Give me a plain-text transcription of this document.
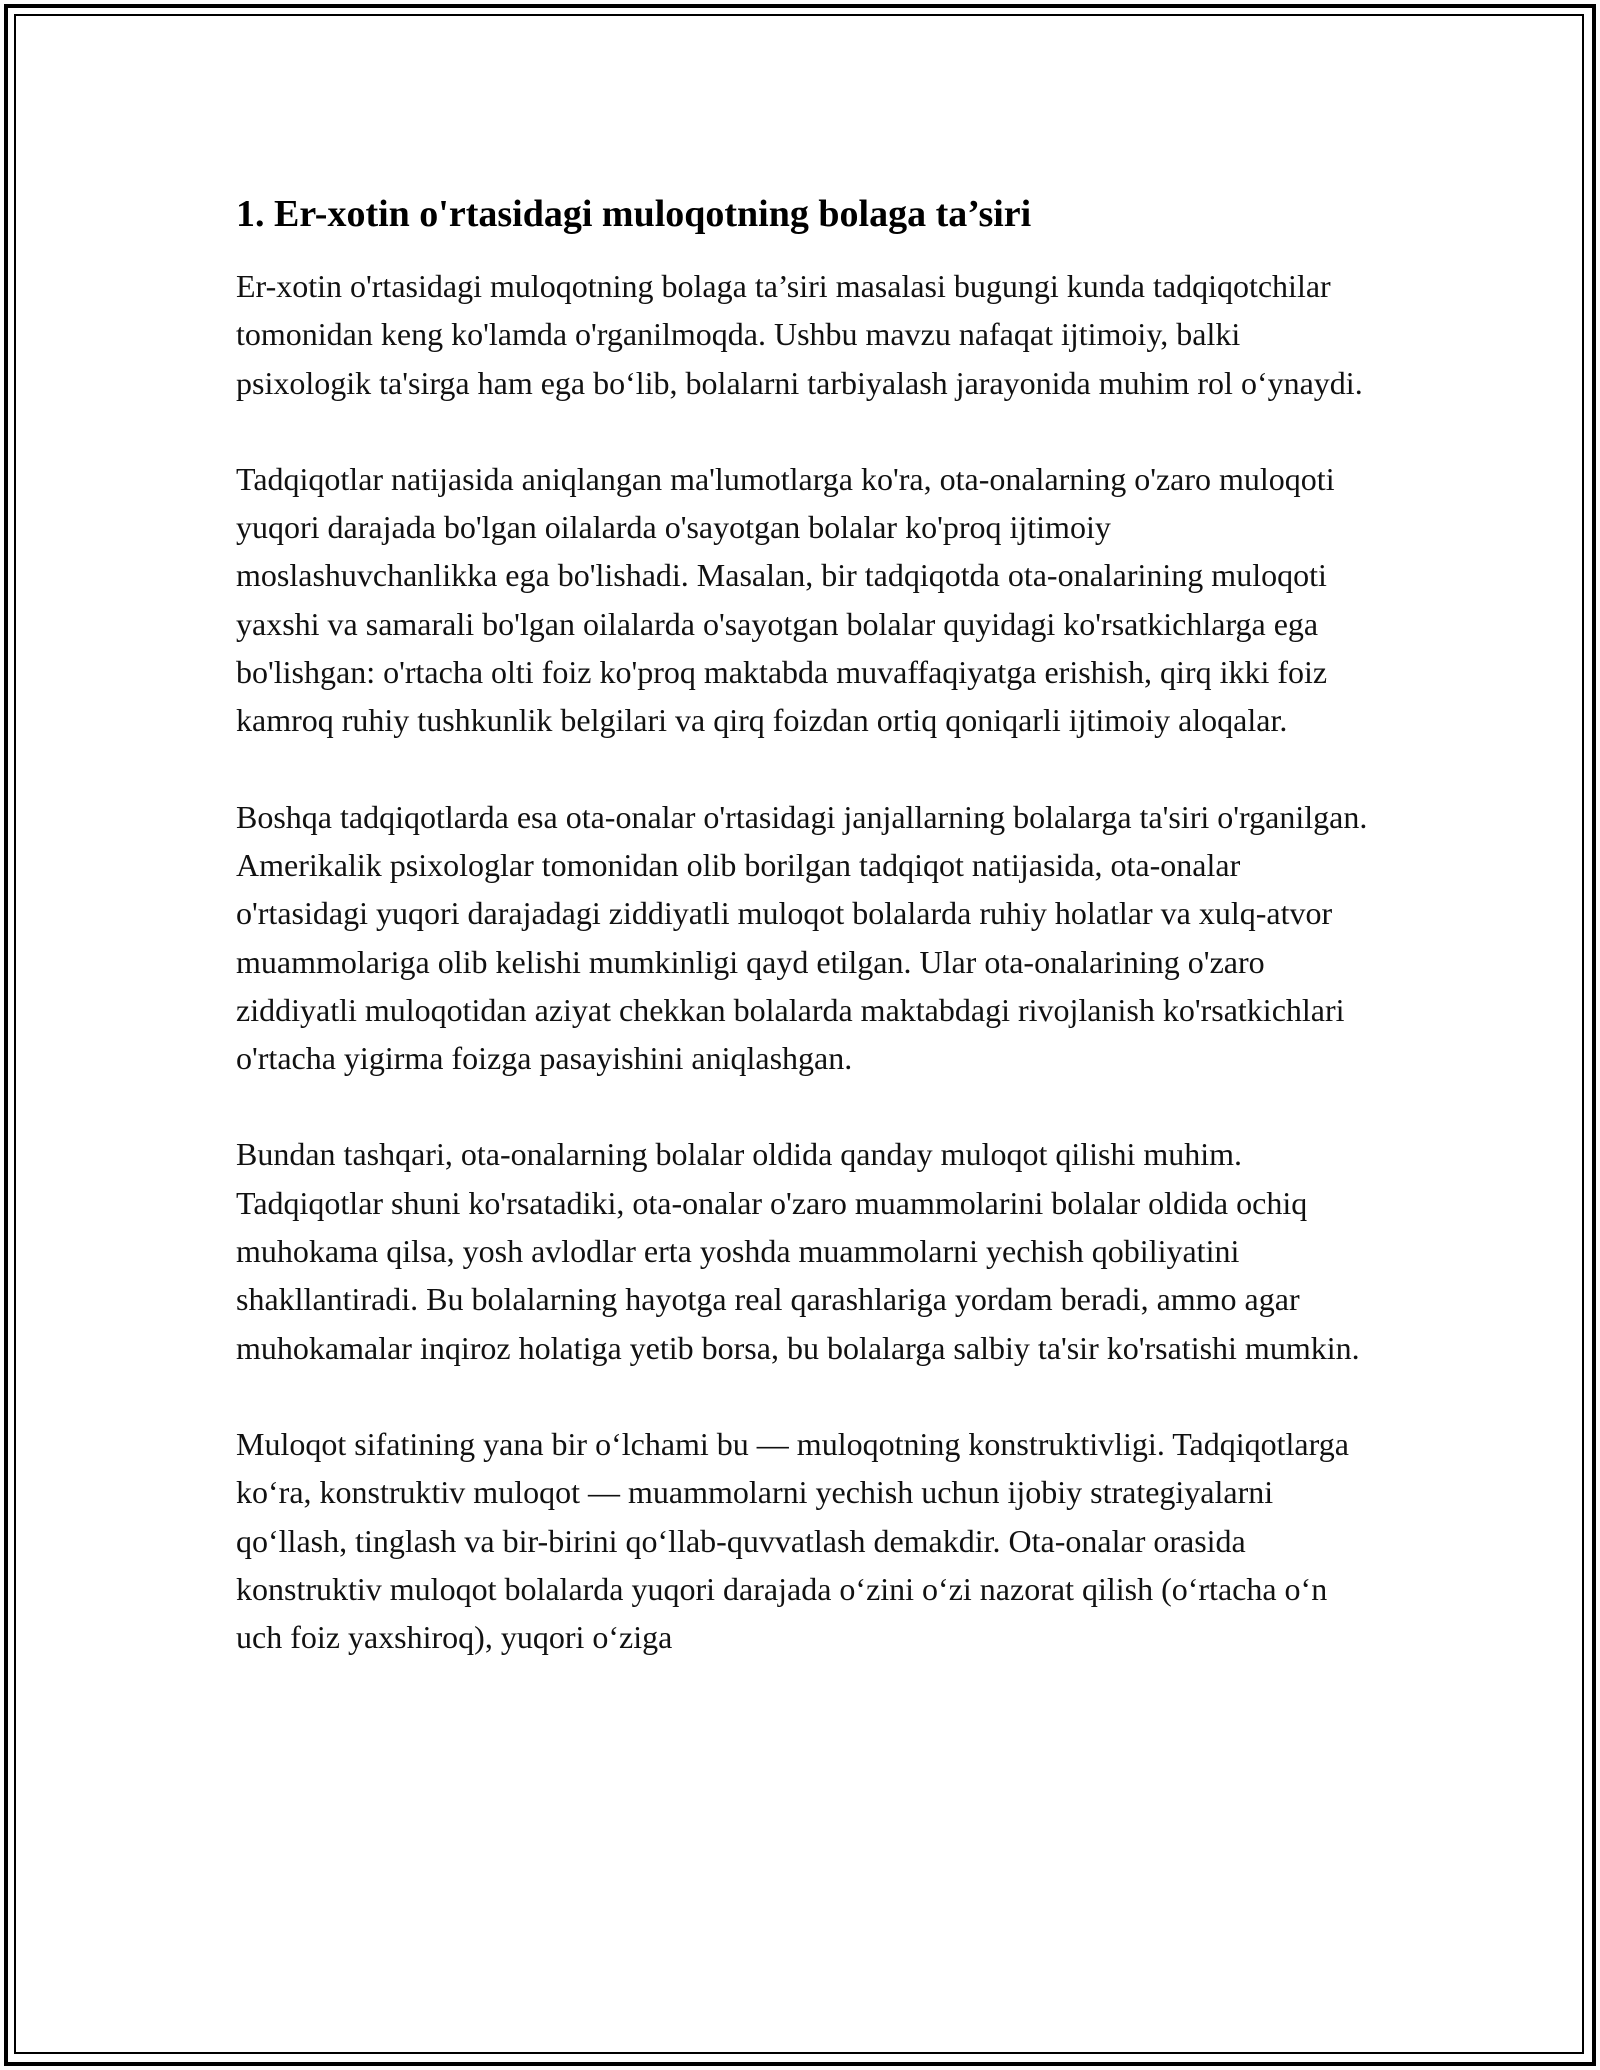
1. Er-xotin o'rtasidagi muloqotning bolaga ta’siri

Er-xotin o'rtasidagi muloqotning bolaga ta’siri masalasi bugungi kunda tadqiqotchilar tomonidan keng ko'lamda o'rganilmoqda. Ushbu mavzu nafaqat ijtimoiy, balki psixologik ta'sirga ham ega bo‘lib, bolalarni tarbiyalash jarayonida muhim rol o‘ynaydi.

Tadqiqotlar natijasida aniqlangan ma'lumotlarga ko'ra, ota-onalarning o'zaro muloqoti yuqori darajada bo'lgan oilalarda o'sayotgan bolalar ko'proq ijtimoiy moslashuvchanlikka ega bo'lishadi. Masalan, bir tadqiqotda ota-onalarining muloqoti yaxshi va samarali bo'lgan oilalarda o'sayotgan bolalar quyidagi ko'rsatkichlarga ega bo'lishgan: o'rtacha olti foiz ko'proq maktabda muvaffaqiyatga erishish, qirq ikki foiz kamroq ruhiy tushkunlik belgilari va qirq foizdan ortiq qoniqarli ijtimoiy aloqalar.

Boshqa tadqiqotlarda esa ota-onalar o'rtasidagi janjallarning bolalarga ta'siri o'rganilgan. Amerikalik psixologlar tomonidan olib borilgan tadqiqot natijasida, ota-onalar o'rtasidagi yuqori darajadagi ziddiyatli muloqot bolalarda ruhiy holatlar va xulq-atvor muammolariga olib kelishi mumkinligi qayd etilgan. Ular ota-onalarining o'zaro ziddiyatli muloqotidan aziyat chekkan bolalarda maktabdagi rivojlanish ko'rsatkichlari o'rtacha yigirma foizga pasayishini aniqlashgan.

Bundan tashqari, ota-onalarning bolalar oldida qanday muloqot qilishi muhim. Tadqiqotlar shuni ko'rsatadiki, ota-onalar o'zaro muammolarini bolalar oldida ochiq muhokama qilsa, yosh avlodlar erta yoshda muammolarni yechish qobiliyatini shakllantiradi. Bu bolalarning hayotga real qarashlariga yordam beradi, ammo agar muhokamalar inqiroz holatiga yetib borsa, bu bolalarga salbiy ta'sir ko'rsatishi mumkin.

Muloqot sifatining yana bir o‘lchami bu — muloqotning konstruktivligi. Tadqiqotlarga ko‘ra, konstruktiv muloqot — muammolarni yechish uchun ijobiy strategiyalarni qo‘llash, tinglash va bir-birini qo‘llab-quvvatlash demakdir. Ota-onalar orasida konstruktiv muloqot bolalarda yuqori darajada o‘zini o‘zi nazorat qilish (o‘rtacha o‘n uch foiz yaxshiroq), yuqori o‘ziga
